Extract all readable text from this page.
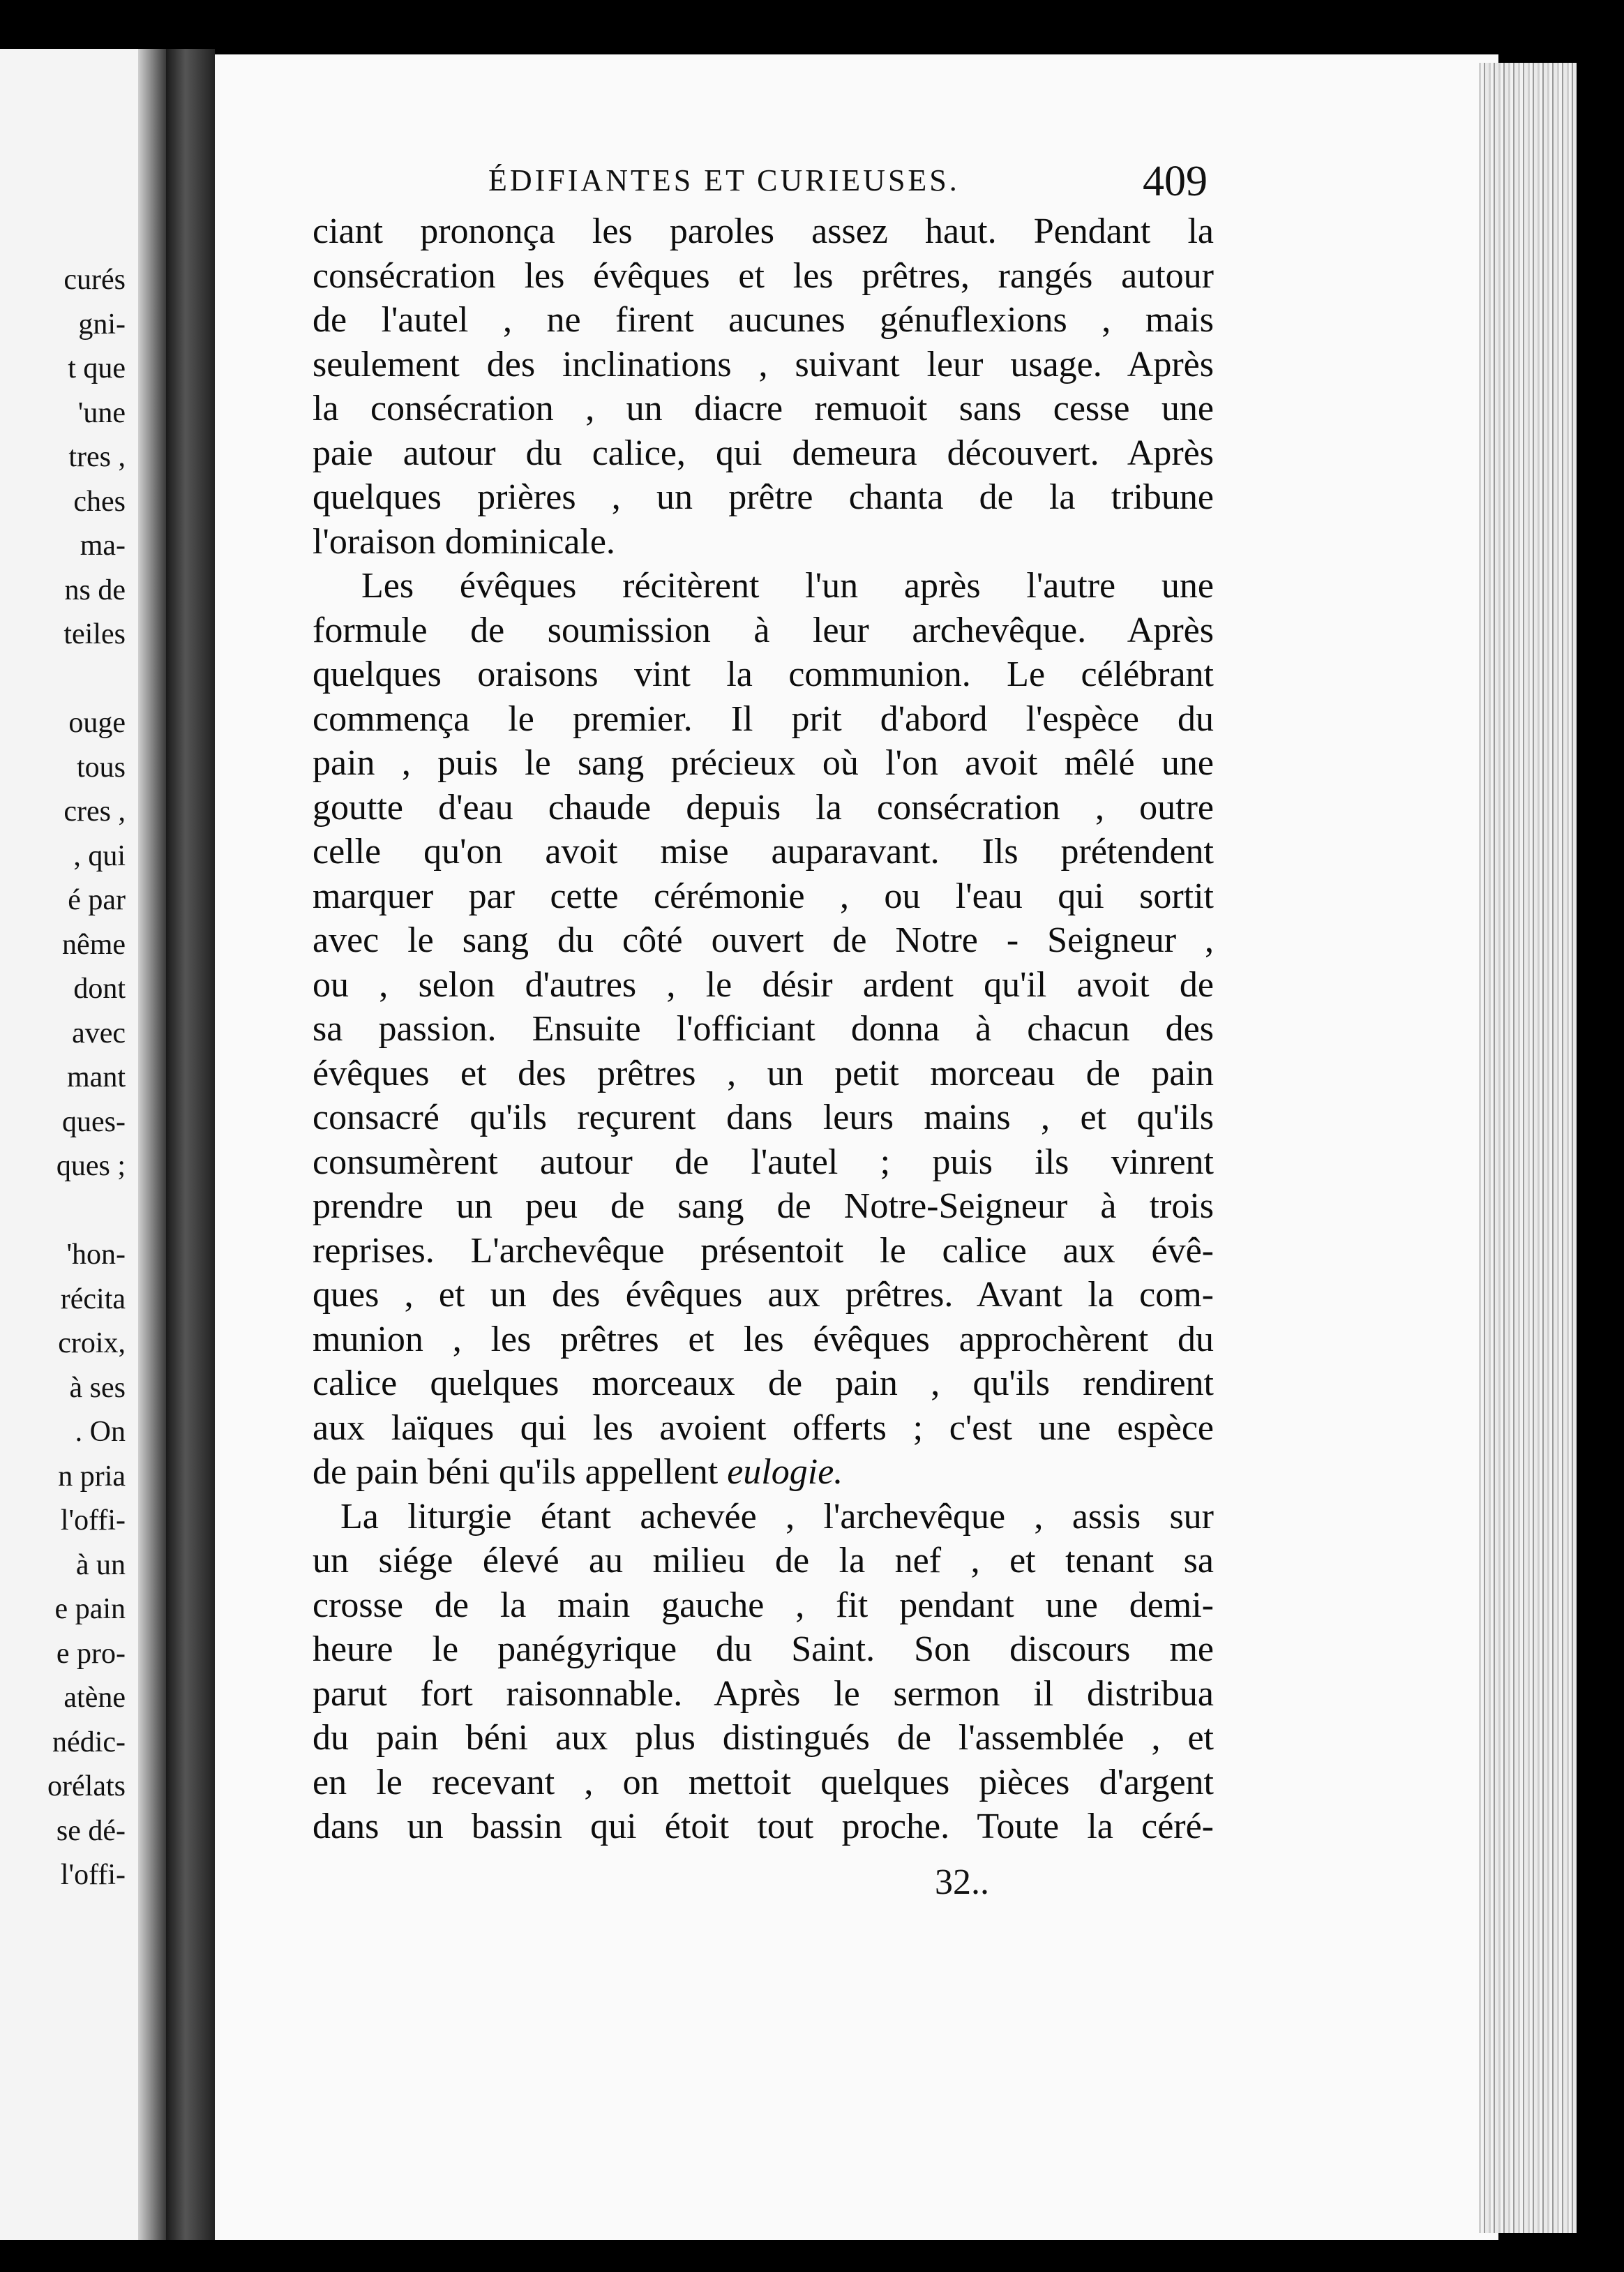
curés
gni-
t que
'une
tres ,
ches
ma-
ns de
teiles
ouge
tous
cres ,
, qui
é par
nême
dont
avec
mant
ques-
ques ;
'hon-
récita
croix,
à ses
. On
n pria
l'offi-
à un
e pain
e pro-
atène
nédic-
orélats
se dé-
l'offi-
ÉDIFIANTES ET CURIEUSES.	409
ciant prononça les paroles assez haut. Pendant la
consécration les évêques et les prêtres, rangés autour
de l'autel , ne firent aucunes génuflexions , mais
seulement des inclinations , suivant leur usage. Après
la consécration , un diacre remuoit sans cesse une
paie autour du calice, qui demeura découvert. Après
quelques prières , un prêtre chanta de la tribune
l'oraison dominicale.
Les évêques récitèrent l'un après l'autre une
formule de soumission à leur archevêque. Après
quelques oraisons vint la communion. Le célébrant
commença le premier. Il prit d'abord l'espèce du
pain , puis le sang précieux où l'on avoit mêlé une
goutte d'eau chaude depuis la consécration , outre
celle qu'on avoit mise auparavant. Ils prétendent
marquer par cette cérémonie , ou l'eau qui sortit
avec le sang du côté ouvert de Notre - Seigneur ,
ou , selon d'autres , le désir ardent qu'il avoit de
sa passion. Ensuite l'officiant donna à chacun des
évêques et des prêtres , un petit morceau de pain
consacré qu'ils reçurent dans leurs mains , et qu'ils
consumèrent autour de l'autel ; puis ils vinrent
prendre un peu de sang de Notre-Seigneur à trois
reprises. L'archevêque présentoit le calice aux évê-
ques , et un des évêques aux prêtres. Avant la com-
munion , les prêtres et les évêques approchèrent du
calice quelques morceaux de pain , qu'ils rendirent
aux laïques qui les avoient offerts ; c'est une espèce
de pain béni qu'ils appellent eulogie.
La liturgie étant achevée , l'archevêque , assis sur
un siége élevé au milieu de la nef , et tenant sa
crosse de la main gauche , fit pendant une demi-
heure le panégyrique du Saint. Son discours me
parut fort raisonnable. Après le sermon il distribua
du pain béni aux plus distingués de l'assemblée , et
en le recevant , on mettoit quelques pièces d'argent
dans un bassin qui étoit tout proche. Toute la céré-
32..
